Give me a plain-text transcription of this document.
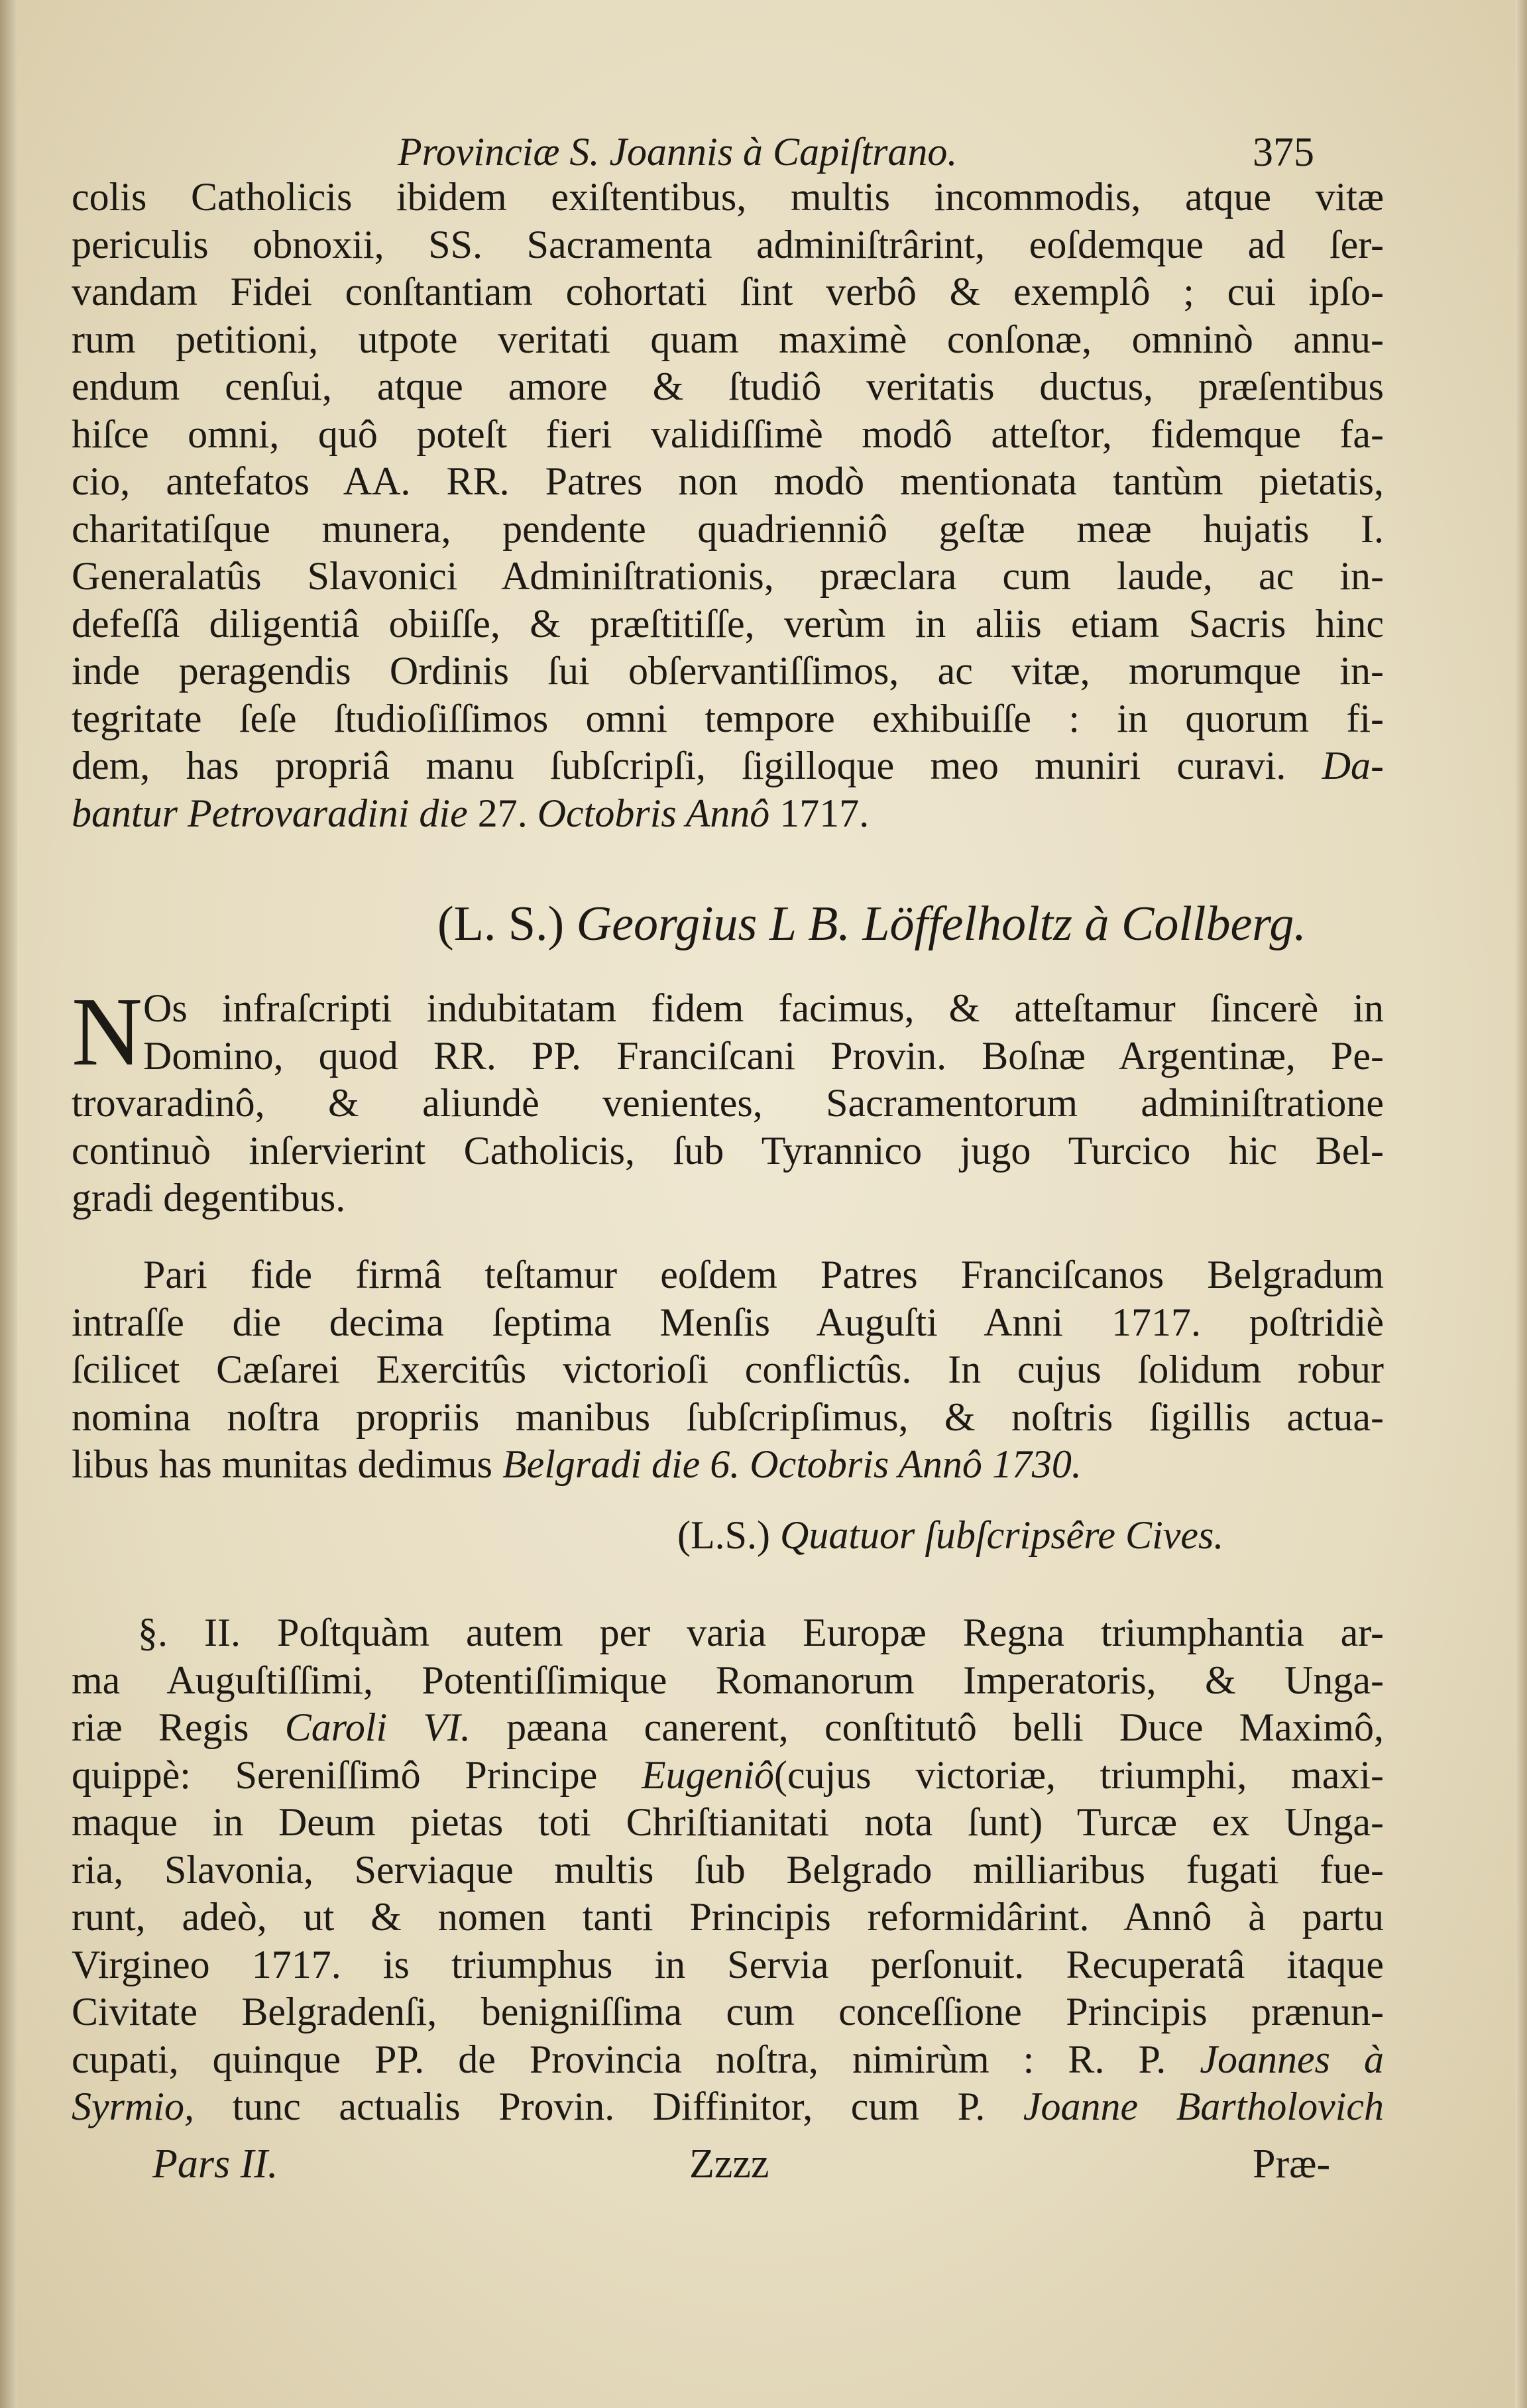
Provinciæ S. Joannis à Capiſtrano.	375
colis Catholicis ibidem exiſtentibus, multis incommodis, atque vitæ
periculis obnoxii, SS. Sacramenta adminiſtrârint, eoſdemque ad ſer-
vandam Fidei conſtantiam cohortati ſint verbô & exemplô ; cui ipſo-
rum petitioni, utpote veritati quam maximè conſonæ, omninò annu-
endum cenſui, atque amore & ſtudiô veritatis ductus, præſentibus
hiſce omni, quô poteſt fieri validiſſimè modô atteſtor, fidemque fa-
cio, antefatos AA. RR. Patres non modò mentionata tantùm pietatis,
charitatiſque munera, pendente quadrienniô geſtæ meæ hujatis I.
Generalatûs Slavonici Adminiſtrationis, præclara cum laude, ac in-
defeſſâ diligentiâ obiiſſe, & præſtitiſſe, verùm in aliis etiam Sacris hinc
inde peragendis Ordinis ſui obſervantiſſimos, ac vitæ, morumque in-
tegritate ſeſe ſtudioſiſſimos omni tempore exhibuiſſe : in quorum fi-
dem, has propriâ manu ſubſcripſi, ſigilloque meo muniri curavi. Da-
bantur Petrovaradini die 27. Octobris Annô 1717.
(L. S.) Georgius L B. Löffelholtz à Collberg.
N Os infraſcripti indubitatam fidem facimus, & atteſtamur ſincerè in
Domino, quod RR. PP. Franciſcani Provin. Boſnæ Argentinæ, Pe-
trovaradinô, & aliundè venientes, Sacramentorum adminiſtratione
continuò inſervierint Catholicis, ſub Tyrannico jugo Turcico hic Bel-
gradi degentibus.
Pari fide firmâ teſtamur eoſdem Patres Franciſcanos Belgradum
intraſſe die decima ſeptima Menſis Auguſti Anni 1717. poſtridiè
ſcilicet Cæſarei Exercitûs victorioſi conflictûs. In cujus ſolidum robur
nomina noſtra propriis manibus ſubſcripſimus, & noſtris ſigillis actua-
libus has munitas dedimus Belgradi die 6. Octobris Annô 1730.
(L.S.) Quatuor ſubſcripsêre Cives.
§. II. Poſtquàm autem per varia Europæ Regna triumphantia ar-
ma Auguſtiſſimi, Potentiſſimique Romanorum Imperatoris, & Unga-
riæ Regis Caroli VI. pæana canerent, conſtitutô belli Duce Maximô,
quippè: Sereniſſimô Principe Eugeniô(cujus victoriæ, triumphi, maxi-
maque in Deum pietas toti Chriſtianitati nota ſunt) Turcæ ex Unga-
ria, Slavonia, Serviaque multis ſub Belgrado milliaribus fugati fue-
runt, adeò, ut & nomen tanti Principis reformidârint. Annô à partu
Virgineo 1717. is triumphus in Servia perſonuit. Recuperatâ itaque
Civitate Belgradenſi, benigniſſima cum conceſſione Principis prænun-
cupati, quinque PP. de Provincia noſtra, nimirùm : R. P. Joannes à
Syrmio, tunc actualis Provin. Diffinitor, cum P. Joanne Bartholovich
Pars II.	Zzzz	Præ-
